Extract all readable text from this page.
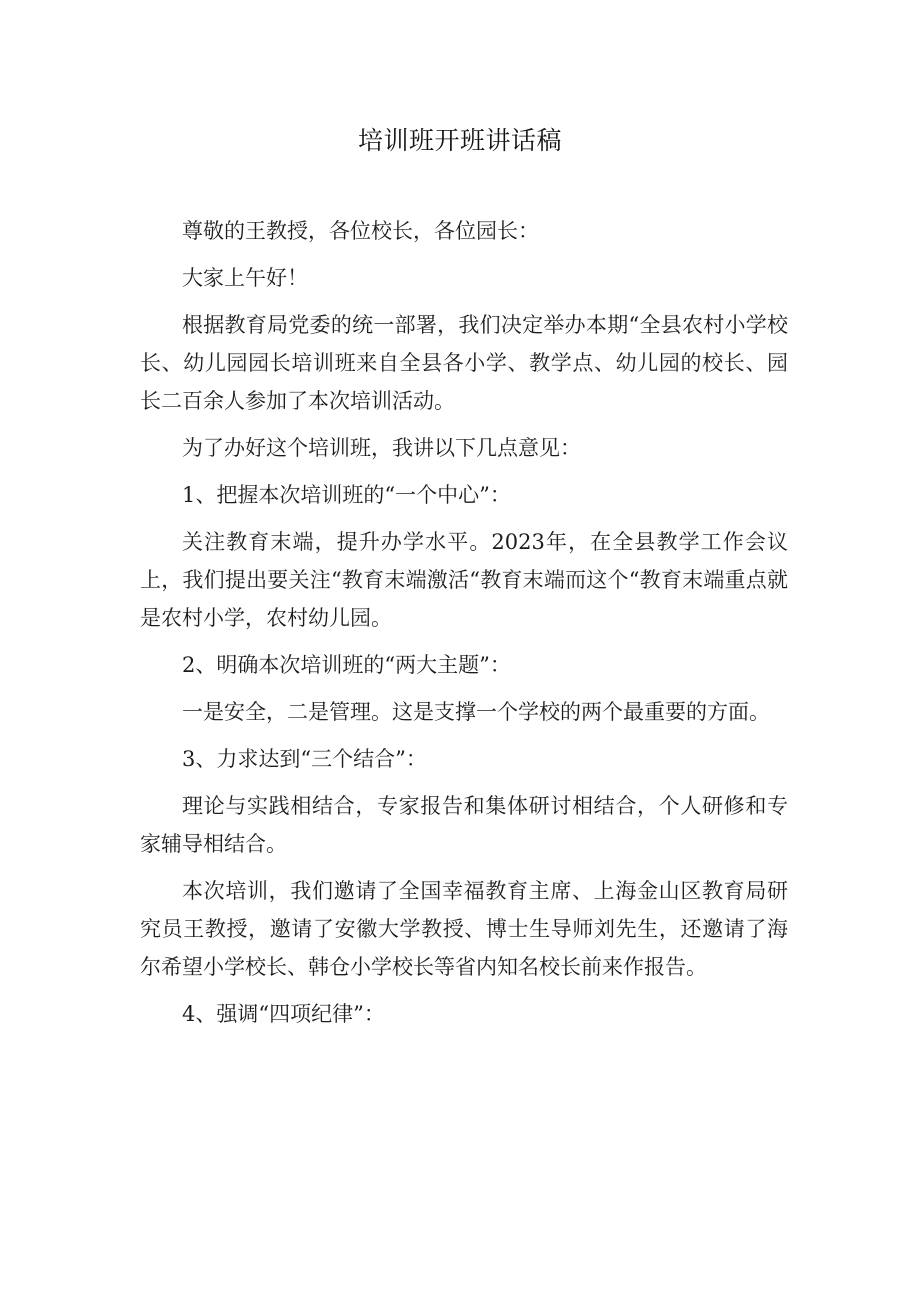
培训班开班讲话稿

尊敬的王教授，各位校长，各位园长：

大家上午好！

根据教育局党委的统一部署，我们决定举办本期“全县农村小学校长、幼儿园园长培训班来自全县各小学、教学点、幼儿园的校长、园长二百余人参加了本次培训活动。

为了办好这个培训班，我讲以下几点意见：

1、把握本次培训班的“一个中心”：

关注教育末端，提升办学水平。2023年，在全县教学工作会议上，我们提出要关注“教育末端激活“教育末端而这个“教育末端重点就是农村小学，农村幼儿园。

2、明确本次培训班的“两大主题”：

一是安全，二是管理。这是支撑一个学校的两个最重要的方面。

3、力求达到“三个结合”：

理论与实践相结合，专家报告和集体研讨相结合，个人研修和专家辅导相结合。

本次培训，我们邀请了全国幸福教育主席、上海金山区教育局研究员王教授，邀请了安徽大学教授、博士生导师刘先生，还邀请了海尔希望小学校长、韩仓小学校长等省内知名校长前来作报告。

4、强调“四项纪律”：
